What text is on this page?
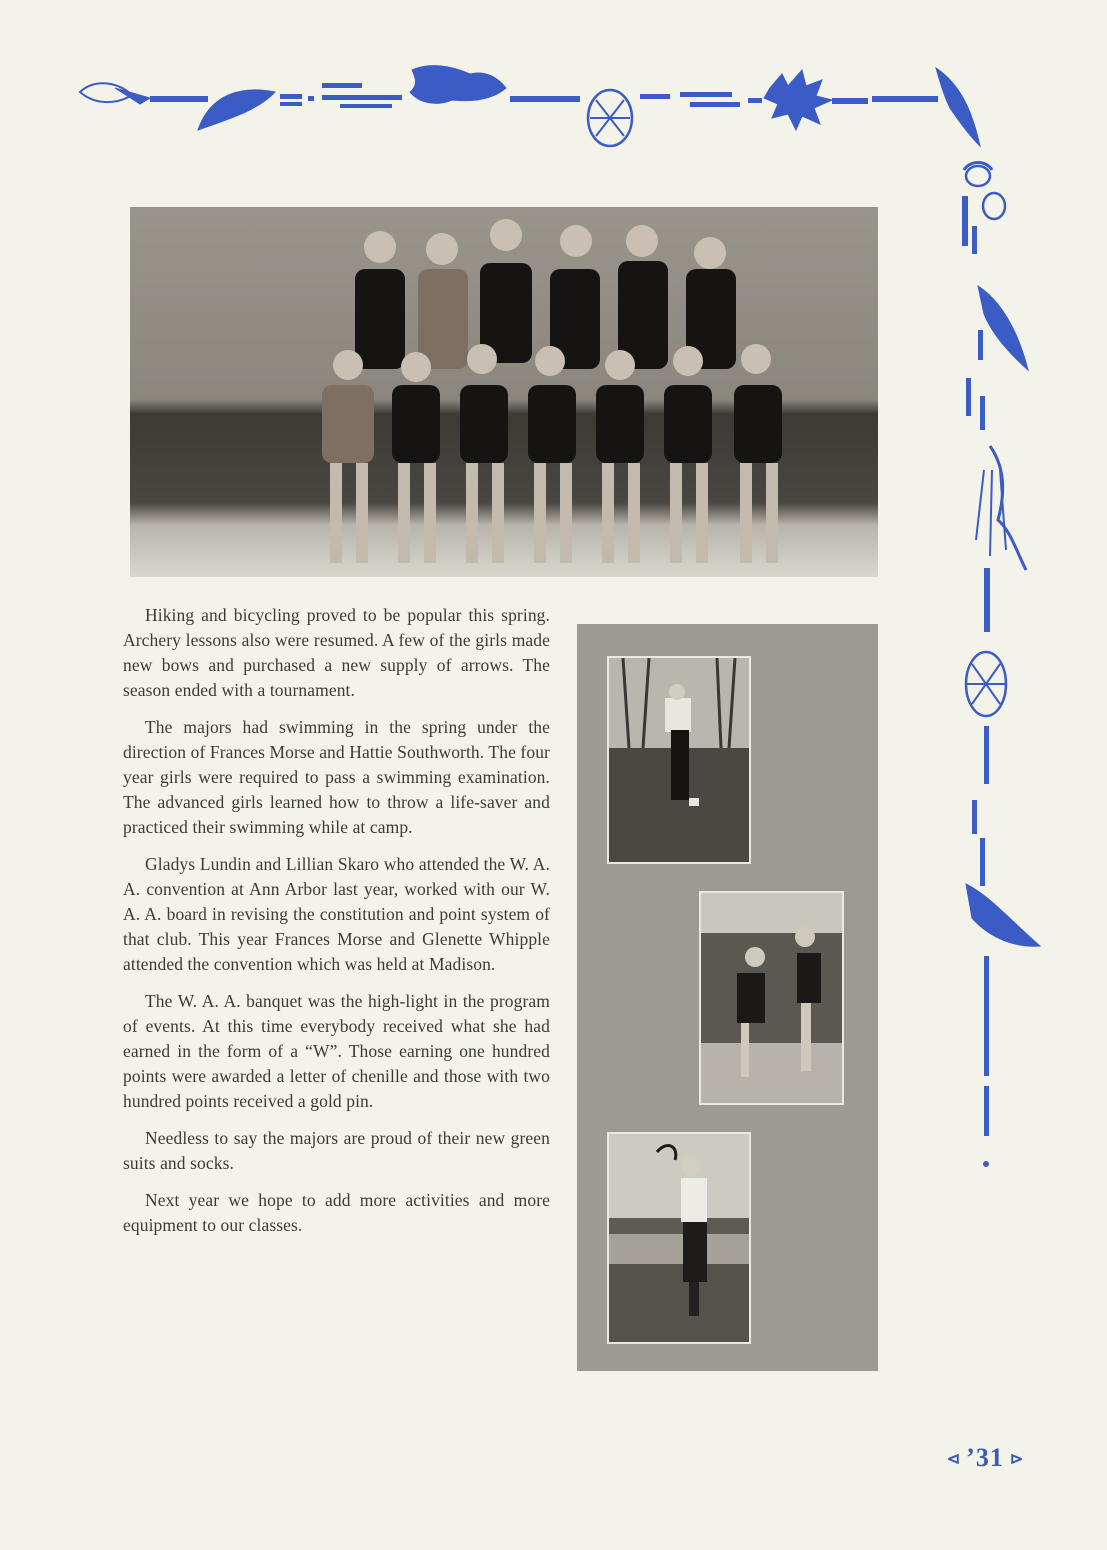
Hiking and bicycling proved to be popular this spring. Archery lessons also were resumed. A few of the girls made new bows and purchased a new supply of arrows. The season ended with a tournament.

The majors had swimming in the spring under the direction of Frances Morse and Hattie Southworth. The four year girls were required to pass a swimming examination. The advanced girls learned how to throw a life-saver and practiced their swimming while at camp.

Gladys Lundin and Lillian Skaro who attended the W. A. A. convention at Ann Arbor last year, worked with our W. A. A. board in revising the constitution and point system of that club. This year Frances Morse and Glenette Whipple attended the convention which was held at Madison.

The W. A. A. banquet was the high-light in the program of events. At this time everybody received what she had earned in the form of a “W”. Those earning one hundred points were awarded a letter of chenille and those with two hundred points received a gold pin.

Needless to say the majors are proud of their new green suits and socks.

Next year we hope to add more activities and more equipment to our classes.

⊲ ’31 ⊳
